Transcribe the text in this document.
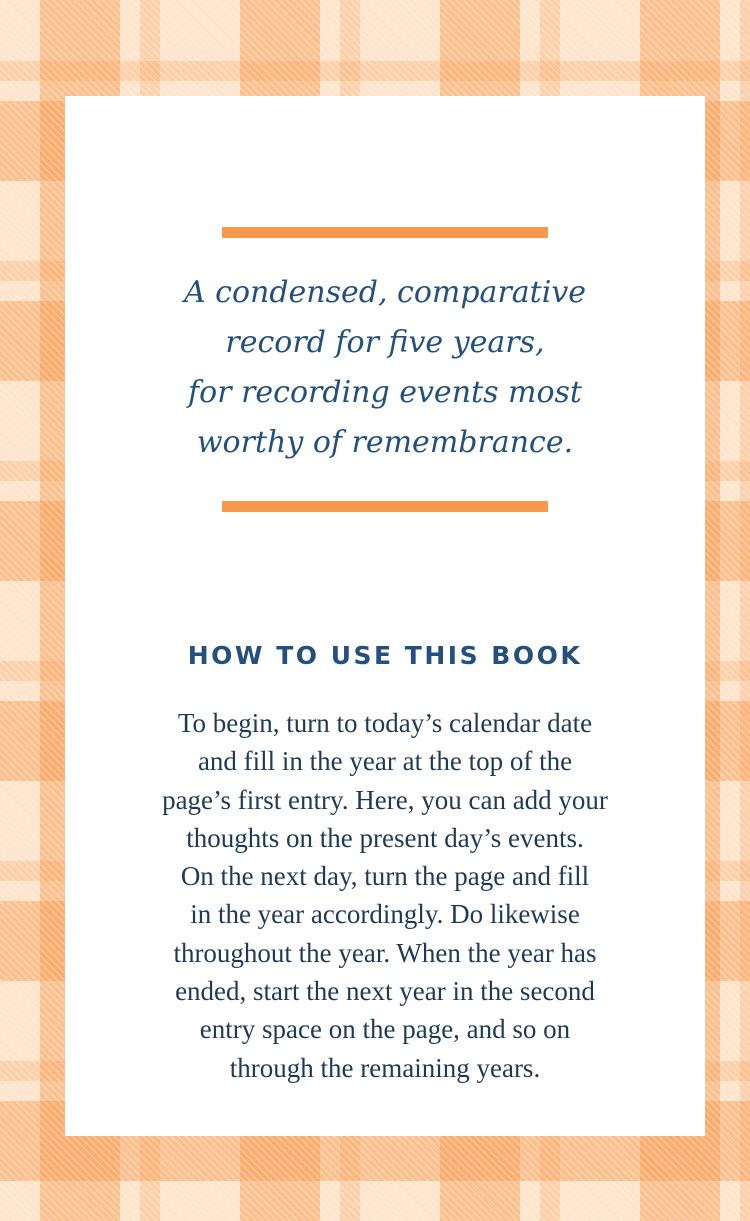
A condensed, comparative
record for five years,
for recording events most
worthy of remembrance.

HOW TO USE THIS BOOK

To begin, turn to today’s calendar date
and fill in the year at the top of the
page’s first entry. Here, you can add your
thoughts on the present day’s events.
On the next day, turn the page and fill
in the year accordingly. Do likewise
throughout the year. When the year has
ended, start the next year in the second
entry space on the page, and so on
through the remaining years.
